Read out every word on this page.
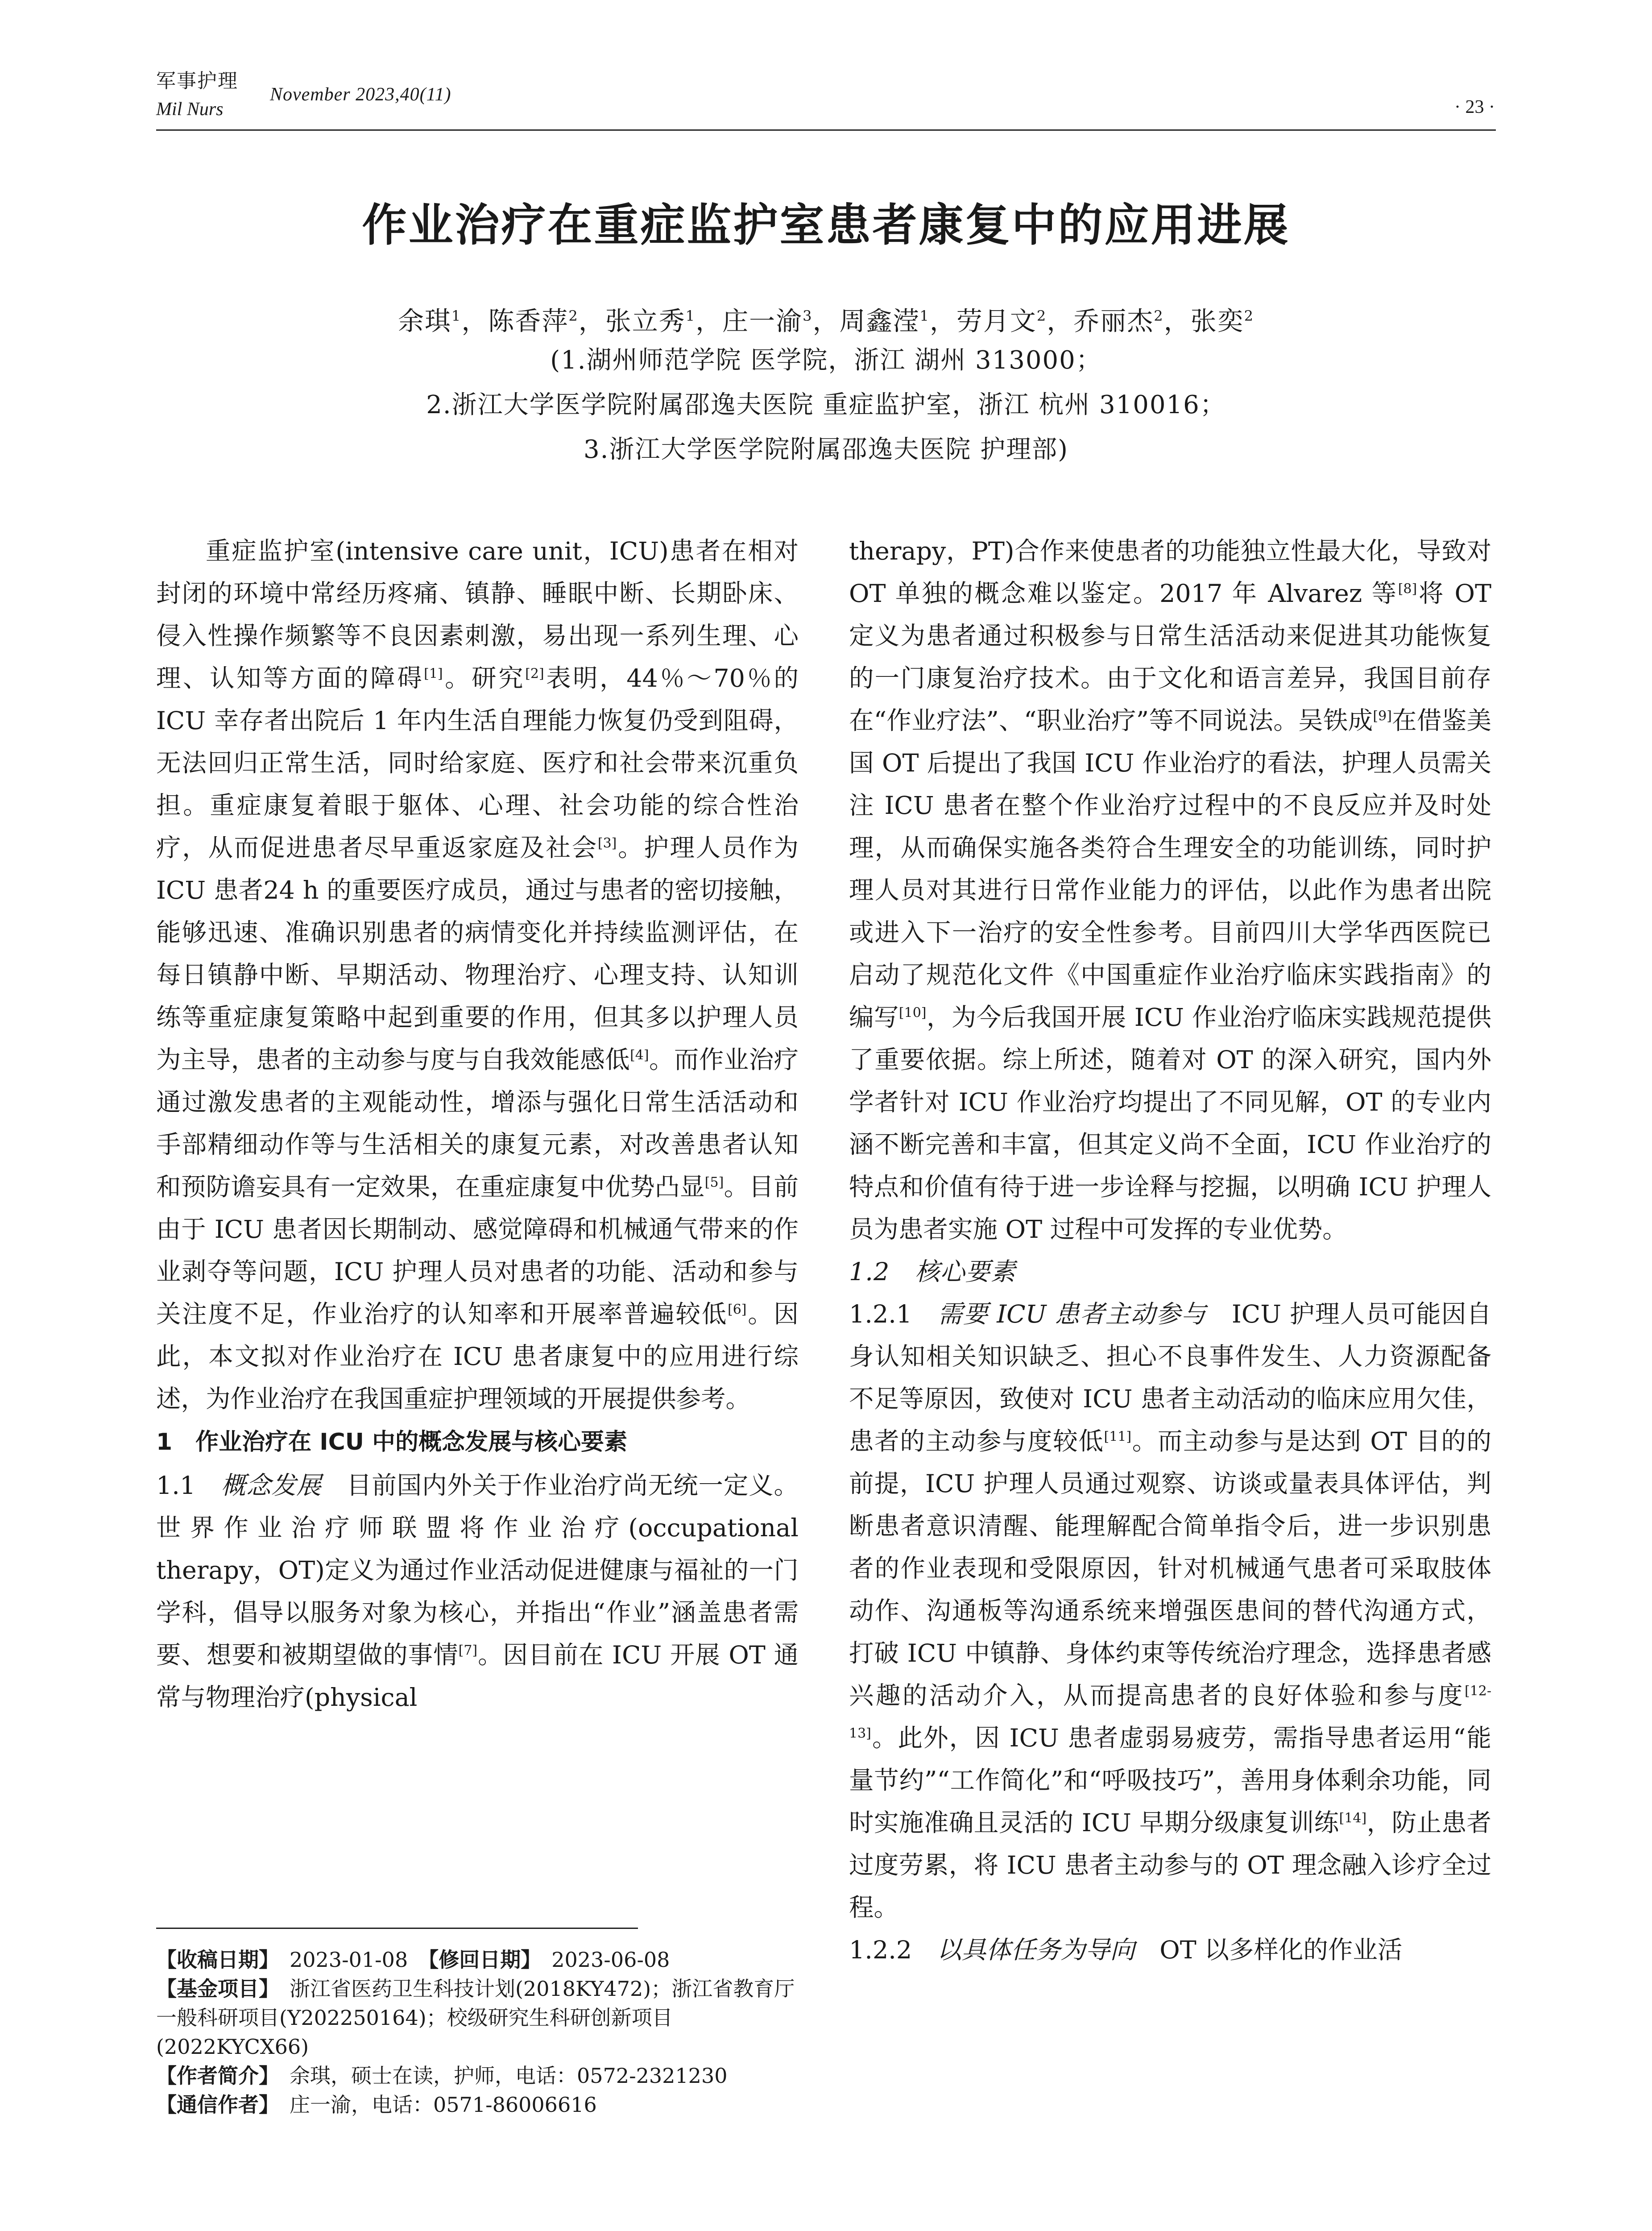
军事护理
Mil Nurs
November 2023,40(11)
· 23 ·
作业治疗在重症监护室患者康复中的应用进展
余琪$^1$，陈香萍$^2$，张立秀$^1$，庄一渝$^3$，周鑫滢$^1$，劳月文$^2$，乔丽杰$^2$，张奕$^2$
(1.湖州师范学院 医学院，浙江 湖州 313000；
2.浙江大学医学院附属邵逸夫医院 重症监护室，浙江 杭州 310016；
3.浙江大学医学院附属邵逸夫医院 护理部)

重症监护室(intensive care unit，ICU)患者在相对封闭的环境中常经历疼痛、镇静、睡眠中断、长期卧床、侵入性操作频繁等不良因素刺激，易出现一系列生理、心理、认知等方面的障碍[1]。研究[2]表明，44％～70％的 ICU 幸存者出院后 1 年内生活自理能力恢复仍受到阻碍，无法回归正常生活，同时给家庭、医疗和社会带来沉重负担。重症康复着眼于躯体、心理、社会功能的综合性治疗，从而促进患者尽早重返家庭及社会[3]。护理人员作为 ICU 患者24 h 的重要医疗成员，通过与患者的密切接触，能够迅速、准确识别患者的病情变化并持续监测评估，在每日镇静中断、早期活动、物理治疗、心理支持、认知训练等重症康复策略中起到重要的作用，但其多以护理人员为主导，患者的主动参与度与自我效能感低[4]。而作业治疗通过激发患者的主观能动性，增添与强化日常生活活动和手部精细动作等与生活相关的康复元素，对改善患者认知和预防谵妄具有一定效果，在重症康复中优势凸显[5]。目前由于 ICU 患者因长期制动、感觉障碍和机械通气带来的作业剥夺等问题，ICU 护理人员对患者的功能、活动和参与关注度不足，作业治疗的认知率和开展率普遍较低[6]。因此，本文拟对作业治疗在 ICU 患者康复中的应用进行综述，为作业治疗在我国重症护理领域的开展提供参考。

1　作业治疗在 ICU 中的概念发展与核心要素

1.1　概念发展　目前国内外关于作业治疗尚无统一定义。世界作业治疗师联盟将作业治疗(occupational therapy，OT)定义为通过作业活动促进健康与福祉的一门学科，倡导以服务对象为核心，并指出“作业”涵盖患者需要、想要和被期望做的事情[7]。因目前在 ICU 开展 OT 通常与物理治疗(physical

therapy，PT)合作来使患者的功能独立性最大化，导致对 OT 单独的概念难以鉴定。2017 年 Alvarez 等[8]将 OT 定义为患者通过积极参与日常生活活动来促进其功能恢复的一门康复治疗技术。由于文化和语言差异，我国目前存在“作业疗法”、“职业治疗”等不同说法。吴铁成[9]在借鉴美国 OT 后提出了我国 ICU 作业治疗的看法，护理人员需关注 ICU 患者在整个作业治疗过程中的不良反应并及时处理，从而确保实施各类符合生理安全的功能训练，同时护理人员对其进行日常作业能力的评估，以此作为患者出院或进入下一治疗的安全性参考。目前四川大学华西医院已启动了规范化文件《中国重症作业治疗临床实践指南》的编写[10]，为今后我国开展 ICU 作业治疗临床实践规范提供了重要依据。综上所述，随着对 OT 的深入研究，国内外学者针对 ICU 作业治疗均提出了不同见解，OT 的专业内涵不断完善和丰富，但其定义尚不全面，ICU 作业治疗的特点和价值有待于进一步诠释与挖掘，以明确 ICU 护理人员为患者实施 OT 过程中可发挥的专业优势。

1.2　核心要素

1.2.1　需要 ICU 患者主动参与　ICU 护理人员可能因自身认知相关知识缺乏、担心不良事件发生、人力资源配备不足等原因，致使对 ICU 患者主动活动的临床应用欠佳，患者的主动参与度较低[11]。而主动参与是达到 OT 目的的前提，ICU 护理人员通过观察、访谈或量表具体评估，判断患者意识清醒、能理解配合简单指令后，进一步识别患者的作业表现和受限原因，针对机械通气患者可采取肢体动作、沟通板等沟通系统来增强医患间的替代沟通方式，打破 ICU 中镇静、身体约束等传统治疗理念，选择患者感兴趣的活动介入，从而提高患者的良好体验和参与度[12-13]。此外，因 ICU 患者虚弱易疲劳，需指导患者运用“能量节约”“工作简化”和“呼吸技巧”，善用身体剩余功能，同时实施准确且灵活的 ICU 早期分级康复训练[14]，防止患者过度劳累，将 ICU 患者主动参与的 OT 理念融入诊疗全过程。

1.2.2　以具体任务为导向　OT 以多样化的作业活

【收稿日期】　2023-01-08　【修回日期】　2023-06-08

【基金项目】　浙江省医药卫生科技计划(2018KY472)；浙江省教育厅一般科研项目(Y202250164)；校级研究生科研创新项目(2022KYCX66)

【作者简介】　余琪，硕士在读，护师，电话：0572-2321230

【通信作者】　庄一渝，电话：0571-86006616
